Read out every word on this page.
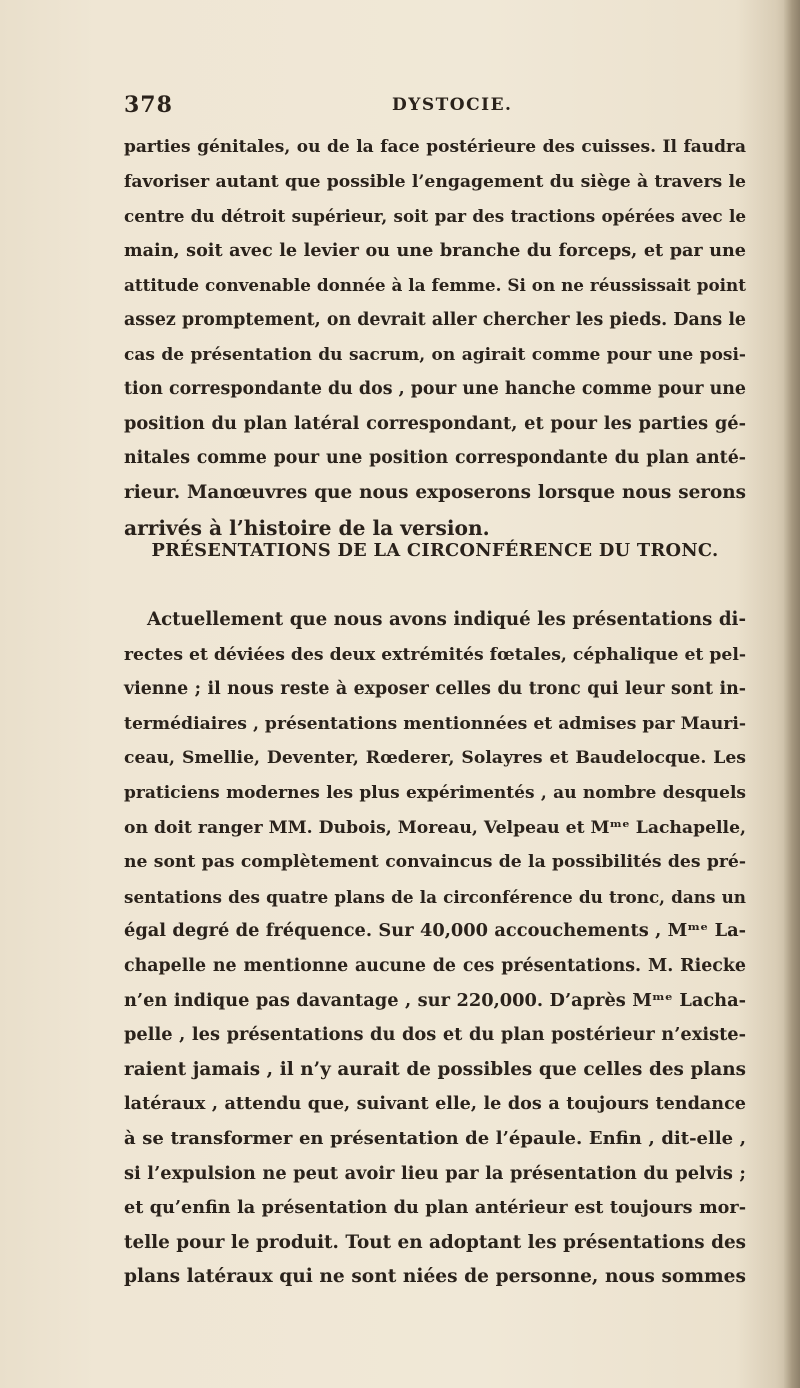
378	DYSTOCIE.
parties génitales, ou de la face postérieure des cuisses. Il faudra
favoriser autant que possible l’engagement du siège à travers le
centre du détroit supérieur, soit par des tractions opérées avec le
main, soit avec le levier ou une branche du forceps, et par une
attitude convenable donnée à la femme. Si on ne réussissait point
assez promptement, on devrait aller chercher les pieds. Dans le
cas de présentation du sacrum, on agirait comme pour une posi-
tion correspondante du dos , pour une hanche comme pour une
position du plan latéral correspondant, et pour les parties gé-
nitales comme pour une position correspondante du plan anté-
rieur. Manœuvres que nous exposerons lorsque nous serons
arrivés à l’histoire de la version.
PRÉSENTATIONS DE LA CIRCONFÉRENCE DU TRONC.
Actuellement que nous avons indiqué les présentations di-
rectes et déviées des deux extrémités fœtales, céphalique et pel-
vienne ; il nous reste à exposer celles du tronc qui leur sont in-
termédiaires , présentations mentionnées et admises par Mauri-
ceau, Smellie, Deventer, Rœderer, Solayres et Baudelocque. Les
praticiens modernes les plus expérimentés , au nombre desquels
on doit ranger MM. Dubois, Moreau, Velpeau et Mᵐᵉ Lachapelle,
ne sont pas complètement convaincus de la possibilités des pré-
sentations des quatre plans de la circonférence du tronc, dans un
égal degré de fréquence. Sur 40,000 accouchements , Mᵐᵉ La-
chapelle ne mentionne aucune de ces présentations. M. Riecke
n’en indique pas davantage , sur 220,000. D’après Mᵐᵉ Lacha-
pelle , les présentations du dos et du plan postérieur n’existe-
raient jamais , il n’y aurait de possibles que celles des plans
latéraux , attendu que, suivant elle, le dos a toujours tendance
à se transformer en présentation de l’épaule. Enfin , dit-elle ,
si l’expulsion ne peut avoir lieu par la présentation du pelvis ;
et qu’enfin la présentation du plan antérieur est toujours mor-
telle pour le produit. Tout en adoptant les présentations des
plans latéraux qui ne sont niées de personne, nous sommes
